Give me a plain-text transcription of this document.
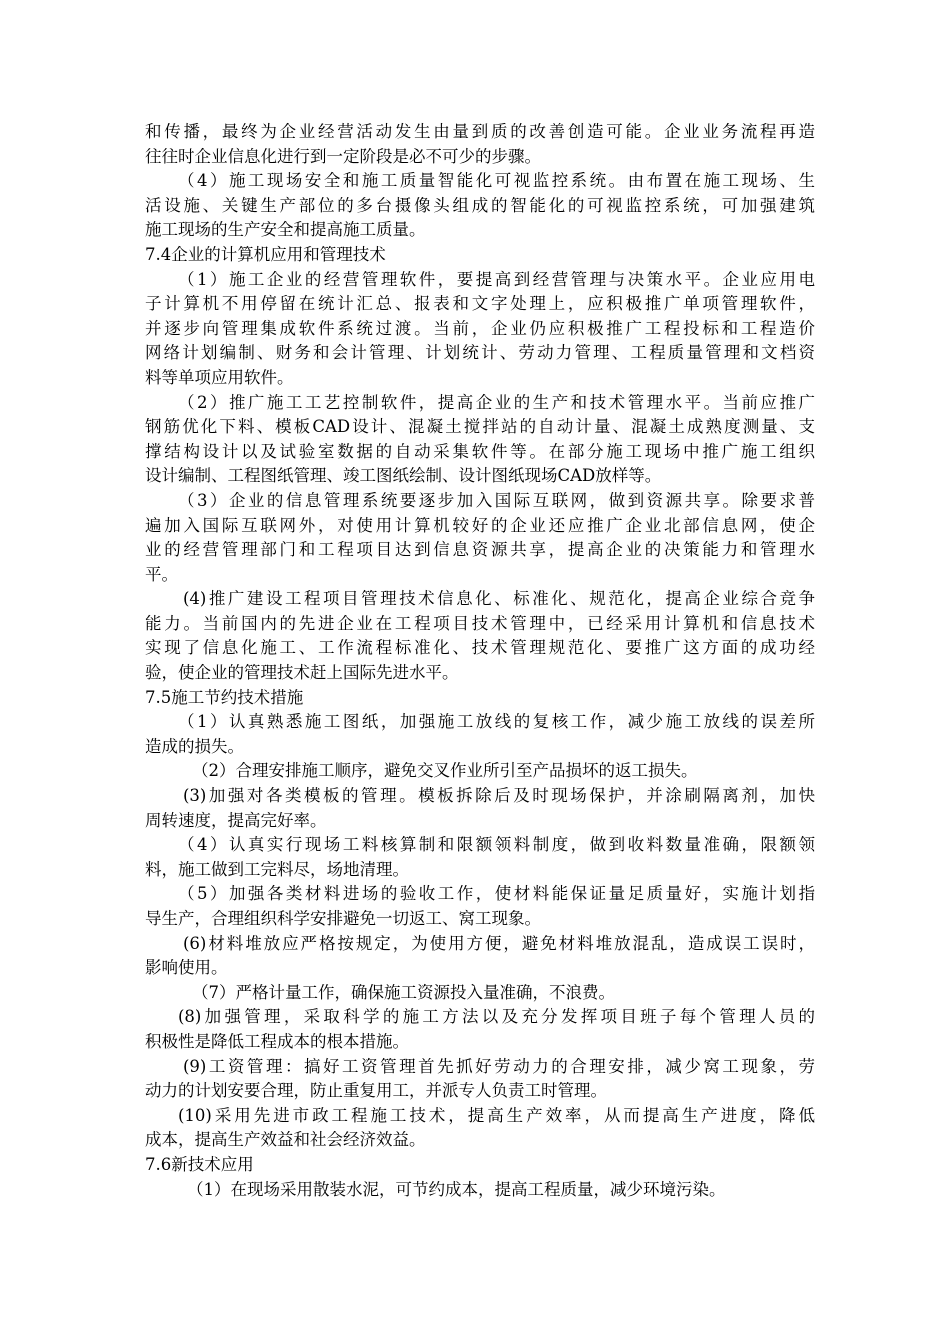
和传播，最终为企业经营活动发生由量到质的改善创造可能。企业业务流程再造
往往时企业信息化进行到一定阶段是必不可少的步骤。
（4）施工现场安全和施工质量智能化可视监控系统。由布置在施工现场、生
活设施、关键生产部位的多台摄像头组成的智能化的可视监控系统，可加强建筑
施工现场的生产安全和提高施工质量。
7.4企业的计算机应用和管理技术
（1）施工企业的经营管理软件，要提高到经营管理与决策水平。企业应用电
子计算机不用停留在统计汇总、报表和文字处理上，应积极推广单项管理软件，
并逐步向管理集成软件系统过渡。当前，企业仍应积极推广工程投标和工程造价
网络计划编制、财务和会计管理、计划统计、劳动力管理、工程质量管理和文档资
料等单项应用软件。
（2）推广施工工艺控制软件，提高企业的生产和技术管理水平。当前应推广
钢筋优化下料、模板CAD设计、混凝土搅拌站的自动计量、混凝土成熟度测量、支
撑结构设计以及试验室数据的自动采集软件等。在部分施工现场中推广施工组织
设计编制、工程图纸管理、竣工图纸绘制、设计图纸现场CAD放样等。
（3）企业的信息管理系统要逐步加入国际互联网，做到资源共享。除要求普
遍加入国际互联网外，对使用计算机较好的企业还应推广企业北部信息网，使企
业的经营管理部门和工程项目达到信息资源共享，提高企业的决策能力和管理水
平。
(4)推广建设工程项目管理技术信息化、标准化、规范化，提高企业综合竞争
能力。当前国内的先进企业在工程项目技术管理中，已经采用计算机和信息技术
实现了信息化施工、工作流程标准化、技术管理规范化、要推广这方面的成功经
验，使企业的管理技术赶上国际先进水平。
7.5施工节约技术措施
（1）认真熟悉施工图纸，加强施工放线的复核工作，减少施工放线的误差所
造成的损失。
（2）合理安排施工顺序，避免交叉作业所引至产品损坏的返工损失。
(3)加强对各类模板的管理。模板拆除后及时现场保护，并涂刷隔离剂，加快
周转速度，提高完好率。
（4）认真实行现场工料核算制和限额领料制度，做到收料数量准确，限额领
料，施工做到工完料尽，场地清理。
（5）加强各类材料进场的验收工作，使材料能保证量足质量好，实施计划指
导生产，合理组织科学安排避免一切返工、窝工现象。
(6)材料堆放应严格按规定，为使用方便，避免材料堆放混乱，造成误工误时，
影响使用。
（7）严格计量工作，确保施工资源投入量准确，不浪费。
(8)加强管理，采取科学的施工方法以及充分发挥项目班子每个管理人员的
积极性是降低工程成本的根本措施。
(9)工资管理：搞好工资管理首先抓好劳动力的合理安排，减少窝工现象，劳
动力的计划安要合理，防止重复用工，并派专人负责工时管理。
(10)采用先进市政工程施工技术，提高生产效率，从而提高生产进度，降低
成本，提高生产效益和社会经济效益。
7.6新技术应用
（1）在现场采用散装水泥，可节约成本，提高工程质量，减少环境污染。
